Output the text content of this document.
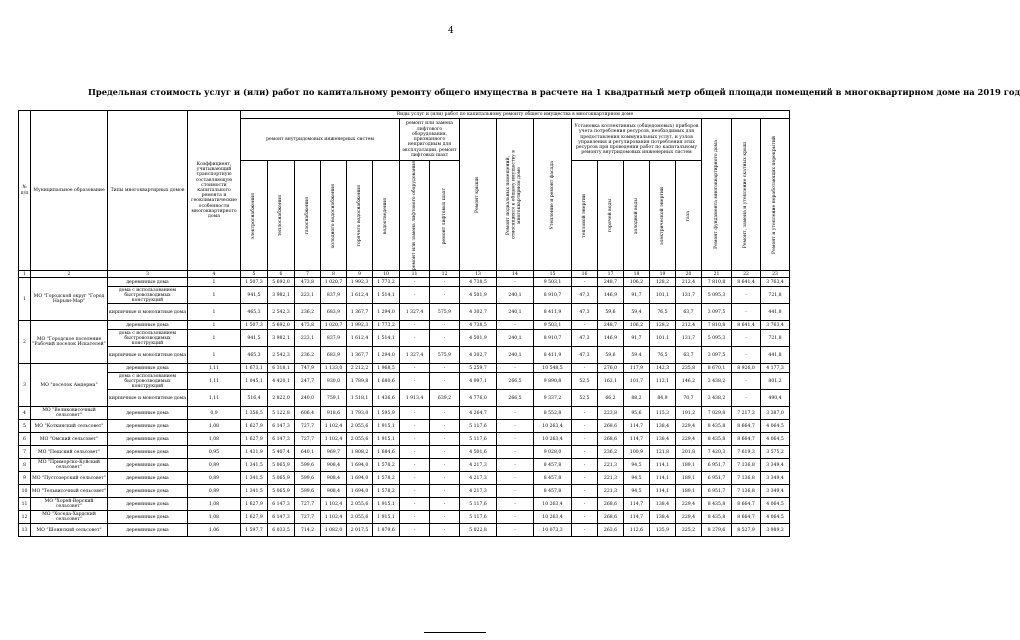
4
Предельная стоимость услуг и (или) работ по капитальному ремонту общего имущества в расчете на 1 квадратный метр общей площади помещений в многоквартирном доме на 2019 год
№ п/п	Муниципальное образование	Типы многоквартирных домов	Коэффициент, учитывающий транспортную составляющую стоимости капитального ремонта и геоклиматические особенности многоквартирного дома	Виды услуг и (или) работ по капитальному ремонту общего имущества в многоквартирном доме																		

				ремонт внутридомовых инженерных систем						ремонт или замена лифтового оборудования, признанного непригодным для эксплуатации, ремонт лифтовых шахт		Ремонт крыши	Ремонт подвальных помещений, относящихся к общему имуществу в многоквартирном доме	Утепление и ремонт фасада	Установка коллективных (общедомовых) приборов учета потребления ресурсов, необходимых для предоставления коммунальных услуг, и узлов управления и регулирования потребления этих ресурсов при проведении работ по капитальному ремонту внутридомовых инженерных систем					Ремонт фундамента многоквартирного дома	Ремонт, замена и утепление скатных крыш	Ремонт и утепление неработающих перекрытий

				электроснабжения	теплоснабжения	газоснабжения	холодного водоснабжения	горячего водоснабжения	водоотведения	ремонт или замена лифтового оборудования	ремонт лифтовых шахт				тепловой энергии	горячей воды	холодной воды	электрической энергии	газа			

1	2	3	4	5	6	7	8	9	10	11	12	13	14	15	16	17	18	19	20	21	22	23
1	МО "Городской округ "Город Нарьян-Мар"	деревянные дома	1	1 507,3	5 692,0	473,8	1 020,7	1 992,3	1 773,2	-	-	4 738,5	-	9 503,1	-	248,7	106,2	128,2	212,4	7 810,8	8 641,4	3 763,4
		дома с использованием быстровозводимых конструкций	1	941,5	3 982,1	223,1	837,9	1 612,4	1 514,1	-	-	4 501,9	240,1	8 910,7	47,3	146,9	91,7	101,1	131,7	5 095,3	-	721,8
		кирпичные и монолитные дома	1	465,3	2 542,3	236,2	683,9	1 367,7	1 294,0	1 327,4	575,9	4 302,7	240,1	8 411,9	47,3	59,6	59,4	76,5	63,7	3 097,5	-	441,8
2	МО "Городское поселение "Рабочий поселок Искателей"	деревянные дома	1	1 507,3	5 692,0	473,8	1 020,7	1 992,3	1 773,2	-	-	4 738,5	-	9 503,1	-	248,7	106,2	128,2	212,4	7 810,8	8 641,4	3 763,4
		дома с использованием быстровозводимых конструкций	1	941,5	3 982,1	223,1	837,9	1 612,4	1 514,1	-	-	4 501,9	240,1	8 910,7	47,3	146,9	91,7	101,1	131,7	5 095,3	-	721,8
		кирпичные и монолитные дома	1	465,3	2 542,3	236,2	683,9	1 367,7	1 294,0	1 327,4	575,9	4 302,7	240,1	8 411,9	47,3	59,6	59,4	76,5	63,7	3 097,5	-	441,8
3	МО "поселок Амдерма"	деревянные дома	1,11	1 673,1	6 318,1	747,9	1 133,0	2 212,2	1 968,5	-	-	5 259,7	-	10 548,5	-	276,0	117,9	142,3	235,8	8 670,1	8 926,0	4 177,3
		дома с использованием быстровозводимых конструкций	1,11	1 045,1	4 420,1	247,7	930,0	1 789,8	1 680,6	-	-	4 997,1	266,5	9 890,8	52,5	162,1	101,7	112,1	146,2	3 438,2	-	801,2
		кирпичные и монолитные дома	1,11	516,4	2 822,0	240,0	759,1	1 518,1	1 436,6	1 913,4	639,2	4 776,0	266,5	9 337,2	52,5	66,2	88,2	84,9	70,7	3 438,2	-	490,4
4	МО "Великовисочный сельсовет"	деревянные дома	0,9	1 356,5	5 122,8	606,4	918,6	1 793,0	1 595,9	-	-	4 264,7	-	8 552,8	-	223,8	95,6	115,3	191,2	7 029,8	7 217,3	3 387,0
5	МО "Коткинский сельсовет"	деревянные дома	1,08	1 627,9	6 147,3	727,7	1 102,4	2 055,6	1 915,1	-	-	5 117,6	-	10 263,4	-	268,6	114,7	138,4	229,4	8 435,8	8 664,7	4 064,5
6	МО "Омский сельсовет"	деревянные дома	1,08	1 627,9	6 147,3	727,7	1 102,4	2 055,6	1 915,1	-	-	5 117,6	-	10 263,4	-	268,6	114,7	138,4	229,4	8 435,8	8 664,7	4 064,5
7	МО "Пешский сельсовет"	деревянные дома	0,95	1 431,9	5 407,4	640,1	969,7	1 808,2	1 684,6	-	-	4 501,6	-	9 028,0	-	236,2	100,9	121,8	201,8	7 420,3	7 619,3	3 575,2
8	МО "Приморско-Куйский сельсовет"	деревянные дома	0,89	1 341,5	5 065,9	599,6	908,4	1 694,0	1 578,2	-	-	4 217,3	-	8 457,8	-	221,3	94,5	114,1	189,1	6 951,7	7 136,8	3 349,4
9	МО "Пустозерский сельсовет"	деревянные дома	0,89	1 341,5	5 065,9	599,6	908,4	1 694,0	1 578,2	-	-	4 217,3	-	8 457,8	-	221,3	94,5	114,1	189,1	6 951,7	7 136,8	3 349,4
10	МО "Тельвисочный сельсовет"	деревянные дома	0,89	1 341,5	5 065,9	599,6	908,4	1 694,0	1 578,2	-	-	4 217,3	-	8 457,8	-	221,3	94,5	114,1	189,1	6 951,7	7 136,8	3 349,4
11	МО "Хорей-Верский сельсовет"	деревянные дома	1,08	1 627,9	6 147,3	727,7	1 102,4	2 055,6	1 915,1	-	-	5 117,6	-	10 263,4	-	268,6	114,7	138,4	229,4	8 435,8	8 664,7	4 064,5
12	МО "Хоседа-Хардский сельсовет"	деревянные дома	1,08	1 627,9	6 147,3	727,7	1 102,4	2 055,6	1 915,1	-	-	5 117,6	-	10 263,4	-	268,6	114,7	138,4	229,4	8 435,8	8 664,7	4 064,5
13	МО "Шоинский сельсовет"	деревянные дома	1,06	1 597,7	6 033,5	714,2	1 082,0	2 017,5	1 879,6	-	-	5 022,8	-	10 073,3	-	263,6	112,6	135,9	225,2	8 279,6	8 527,9	3 989,2
